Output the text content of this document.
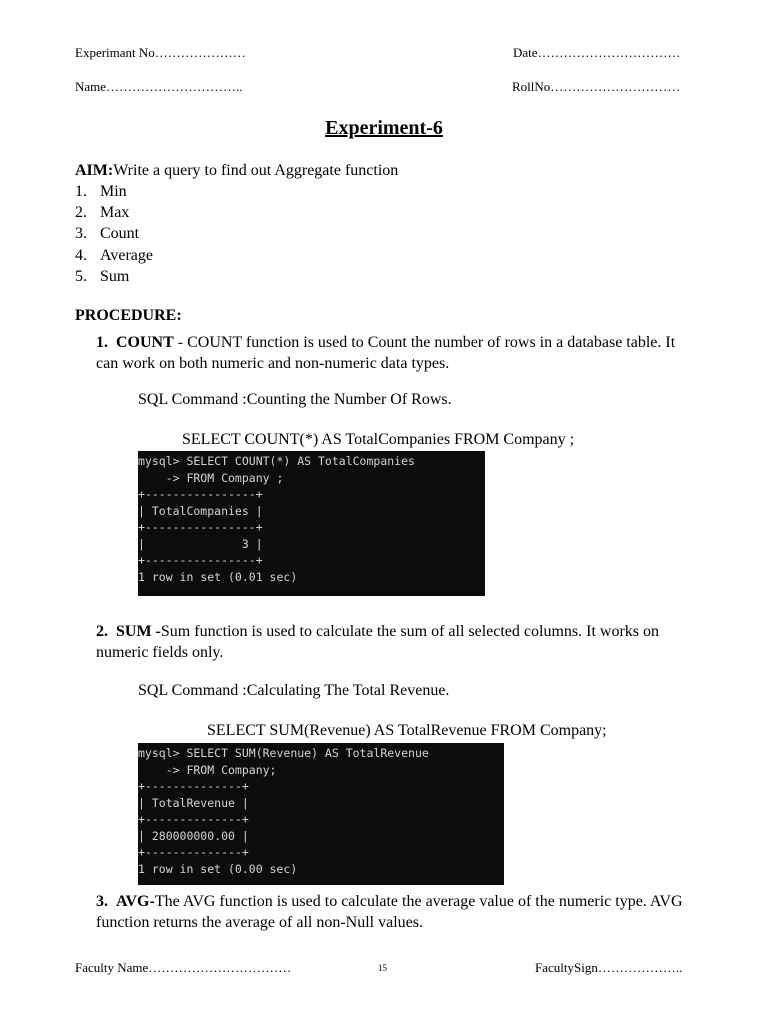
Experimant No…………………	Date……………………………
Name…………………………..	RollNo…………………………
Experiment-6
AIM:Write a query to find out Aggregate function
1. Min
2. Max
3. Count
4. Average
5. Sum
PROCEDURE:
1. COUNT - COUNT function is used to Count the number of rows in a database table. It can work on both numeric and non-numeric data types.
SQL Command :Counting the Number Of Rows.
SELECT COUNT(*) AS TotalCompanies FROM Company ;
mysql> SELECT COUNT(*) AS TotalCompanies
-> FROM Company ;
+----------------+
| TotalCompanies |
+----------------+
|              3 |
+----------------+
1 row in set (0.01 sec)
2. SUM -Sum function is used to calculate the sum of all selected columns. It works on numeric fields only.
SQL Command :Calculating The Total Revenue.
SELECT SUM(Revenue) AS TotalRevenue FROM Company;
mysql> SELECT SUM(Revenue) AS TotalRevenue
-> FROM Company;
+--------------+
| TotalRevenue |
+--------------+
| 280000000.00 |
+--------------+
1 row in set (0.00 sec)
3. AVG-The AVG function is used to calculate the average value of the numeric type. AVG function returns the average of all non-Null values.
Faculty Name……………………………	15	FacultySign………………..
